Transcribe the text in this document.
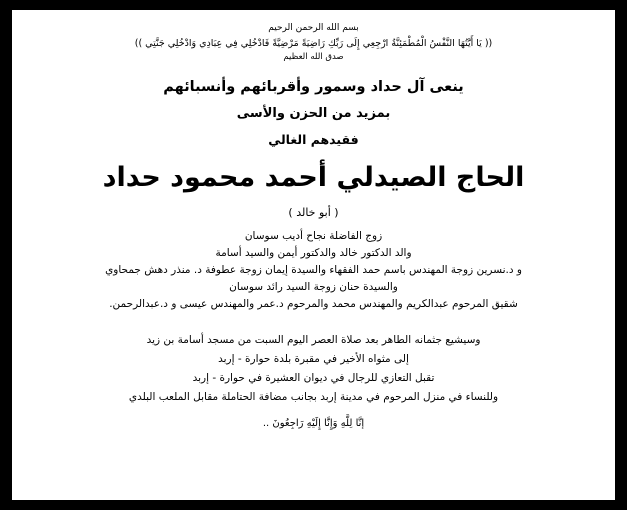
بسم الله الرحمن الرحيم
(( يَا أَيَّتُهَا النَّفْسُ الْمُطْمَئِنَّةُ ارْجِعِي إِلَى رَبِّكِ رَاضِيَةً مَرْضِيَّةً فَادْخُلِي فِي عِبَادِي وَادْخُلِي جَنَّتِي ))
صدق الله العظيم
ينعى آل حداد وسمور وأقربائهم وأنسبائهم
بمزيد من الحزن والأسى
فقيدهم الغالي
الحاج الصيدلي أحمد محمود حداد
( أبو خالد )
زوج الفاضلة نجاح أديب سوسان
والد الدكتور خالد والدكتور أيمن والسيد أسامة
و د.نسرين زوجة المهندس باسم حمد الفقهاء والسيدة إيمان زوجة عطوفة د. منذر دهش جمحاوي
والسيدة حنان زوجة السيد رائد سوسان
شقيق المرحوم عبدالكريم والمهندس محمد والمرحوم د.عمر والمهندس عيسى و د.عبدالرحمن.
وسيشيع جثمانه الطاهر بعد صلاة العصر اليوم السبت من مسجد أسامة بن زيد
إلى مثواه الأخير في مقبرة بلدة حوارة - إربد
تقبل التعازي للرجال في ديوان العشيرة في حوارة - إربد
وللنساء في منزل المرحوم في مدينة إربد بجانب مضافة الحتاملة مقابل الملعب البلدي
إنَّا لِلَّهِ وَإِنَّا إِلَيْهِ رَاجِعُونَ ..
